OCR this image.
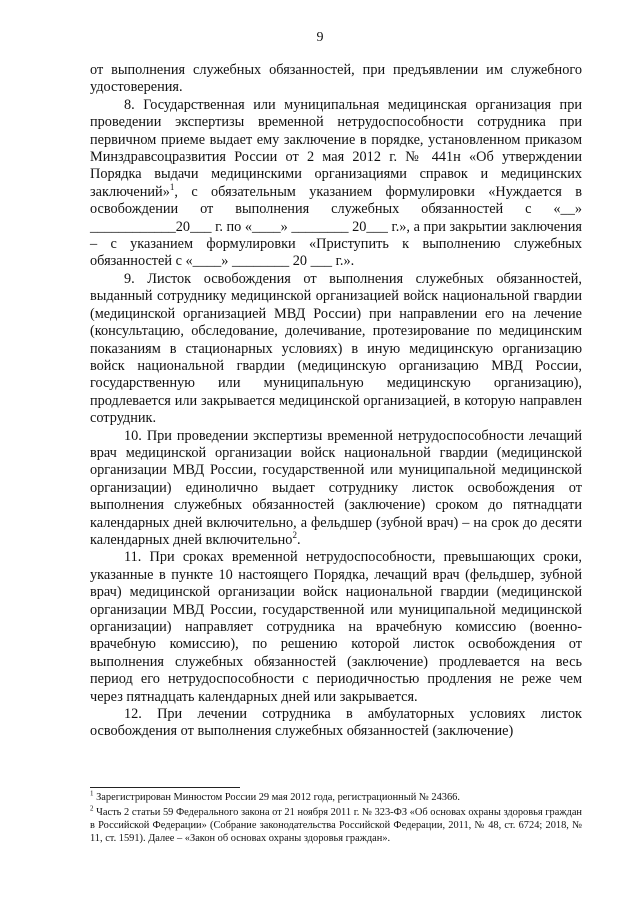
9

от выполнения служебных обязанностей, при предъявлении им служебного удостоверения.

8. Государственная или муниципальная медицинская организация при проведении экспертизы временной нетрудоспособности сотрудника при первичном приеме выдает ему заключение в порядке, установленном приказом Минздравсоцразвития России от 2 мая 2012 г. № 441н «Об утверждении Порядка выдачи медицинскими организациями справок и медицинских заключений»$^1$, с обязательным указанием формулировки «Нуждается в освобождении от выполнения служебных обязанностей с «__» ____________20___ г. по «____» ________ 20___ г.», а при закрытии заключения – с указанием формулировки «Приступить к выполнению служебных обязанностей с «____» ________ 20 ___ г.».

9. Листок освобождения от выполнения служебных обязанностей, выданный сотруднику медицинской организацией войск национальной гвардии (медицинской организацией МВД России) при направлении его на лечение (консультацию, обследование, долечивание, протезирование по медицинским показаниям в стационарных условиях) в иную медицинскую организацию войск национальной гвардии (медицинскую организацию МВД России, государственную или муниципальную медицинскую организацию), продлевается или закрывается медицинской организацией, в которую направлен сотрудник.

10. При проведении экспертизы временной нетрудоспособности лечащий врач медицинской организации войск национальной гвардии (медицинской организации МВД России, государственной или муниципальной медицинской организации) единолично выдает сотруднику листок освобождения от выполнения служебных обязанностей (заключение) сроком до пятнадцати календарных дней включительно, а фельдшер (зубной врач) – на срок до десяти календарных дней включительно$^2$.

11. При сроках временной нетрудоспособности, превышающих сроки, указанные в пункте 10 настоящего Порядка, лечащий врач (фельдшер, зубной врач) медицинской организации войск национальной гвардии (медицинской организации МВД России, государственной или муниципальной медицинской организации) направляет сотрудника на врачебную комиссию (военно-врачебную комиссию), по решению которой листок освобождения от выполнения служебных обязанностей (заключение) продлевается на весь период его нетрудоспособности с периодичностью продления не реже чем через пятнадцать календарных дней или закрывается.

12. При лечении сотрудника в амбулаторных условиях листок освобождения от выполнения служебных обязанностей (заключение)

$^1$ Зарегистрирован Минюстом России 29 мая 2012 года, регистрационный № 24366.
$^2$ Часть 2 статьи 59 Федерального закона от 21 ноября 2011 г. № 323-ФЗ «Об основах охраны здоровья граждан в Российской Федерации» (Собрание законодательства Российской Федерации, 2011, № 48, ст. 6724; 2018, № 11, ст. 1591). Далее – «Закон об основах охраны здоровья граждан».
